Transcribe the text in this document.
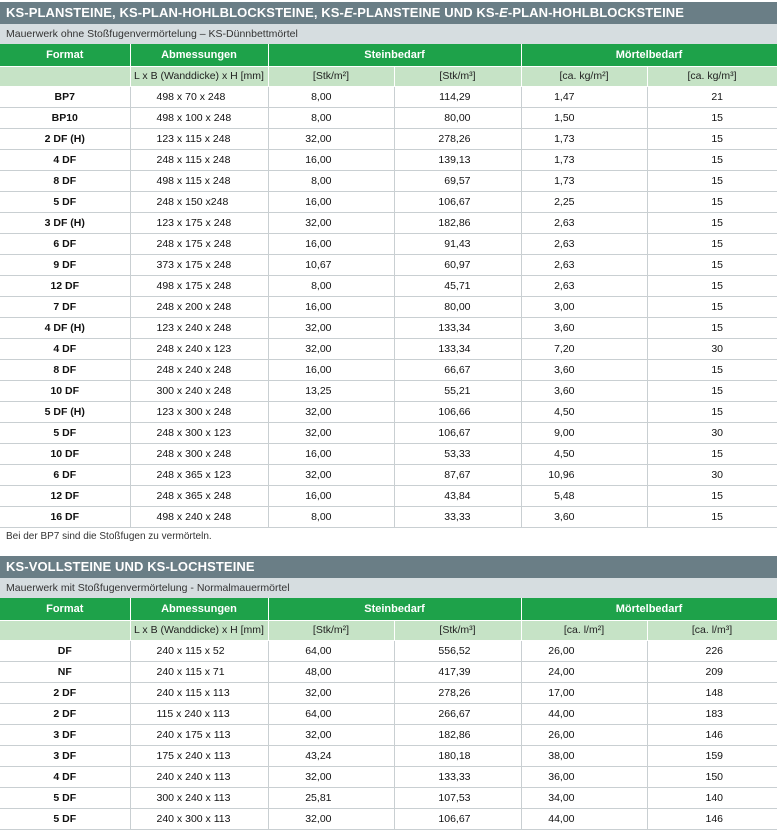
KS-PLANSTEINE, KS-PLAN-HOHLBLOCKSTEINE, KS-E-PLANSTEINE UND KS-E-PLAN-HOHLBLOCKSTEINE
Mauerwerk ohne Stoßfugenvermörtelung – KS-Dünnbettmörtel
Format	Abmessungen	Steinbedarf		Mörtelbedarf	
	L x B (Wanddicke) x H [mm]	[Stk/m²]	[Stk/m³]	[ca. kg/m²]	[ca. kg/m³]
BP7	498 x 70 x 248	8,00	114,29	1,47	21
BP10	498 x 100 x 248	8,00	80,00	1,50	15
2 DF (H)	123 x 115 x 248	32,00	278,26	1,73	15
4 DF	248 x 115 x 248	16,00	139,13	1,73	15
8 DF	498 x 115 x 248	8,00	69,57	1,73	15
5 DF	248 x 150 x248	16,00	106,67	2,25	15
3 DF (H)	123 x 175 x 248	32,00	182,86	2,63	15
6 DF	248 x 175 x 248	16,00	91,43	2,63	15
9 DF	373 x 175 x 248	10,67	60,97	2,63	15
12 DF	498 x 175 x 248	8,00	45,71	2,63	15
7 DF	248 x 200 x 248	16,00	80,00	3,00	15
4 DF (H)	123 x 240 x 248	32,00	133,34	3,60	15
4 DF	248 x 240 x 123	32,00	133,34	7,20	30
8 DF	248 x 240 x 248	16,00	66,67	3,60	15
10 DF	300 x 240 x 248	13,25	55,21	3,60	15
5 DF (H)	123 x 300 x 248	32,00	106,66	4,50	15
5 DF	248 x 300 x 123	32,00	106,67	9,00	30
10 DF	248 x 300 x 248	16,00	53,33	4,50	15
6 DF	248 x 365 x 123	32,00	87,67	10,96	30
12 DF	248 x 365 x 248	16,00	43,84	5,48	15
16 DF	498 x 240 x 248	8,00	33,33	3,60	15
Bei der BP7 sind die Stoßfugen zu vermörteln.
KS-VOLLSTEINE UND KS-LOCHSTEINE
Mauerwerk mit Stoßfugenvermörtelung - Normalmauermörtel
Format	Abmessungen	Steinbedarf		Mörtelbedarf	
	L x B (Wanddicke) x H [mm]	[Stk/m²]	[Stk/m³]	[ca. l/m²]	[ca. l/m³]
DF	240 x 115 x 52	64,00	556,52	26,00	226
NF	240 x 115 x 71	48,00	417,39	24,00	209
2 DF	240 x 115 x 113	32,00	278,26	17,00	148
2 DF	115 x 240 x 113	64,00	266,67	44,00	183
3 DF	240 x 175 x 113	32,00	182,86	26,00	146
3 DF	175 x 240 x 113	43,24	180,18	38,00	159
4 DF	240 x 240 x 113	32,00	133,33	36,00	150
5 DF	300 x 240 x 113	25,81	107,53	34,00	140
5 DF	240 x 300 x 113	32,00	106,67	44,00	146
